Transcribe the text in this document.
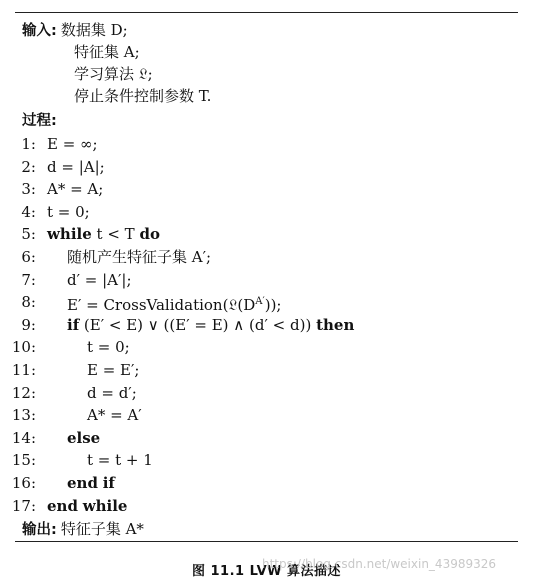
输入: 数据集 D;
特征集 A;
学习算法 𝔏;
停止条件控制参数 T.
过程:
1: E = ∞;
2: d = |A|;
3: A* = A;
4: t = 0;
5: while t < T do
6: 随机产生特征子集 A′;
7: d′ = |A′|;
8: $E' = CrossValidation(𝔏(D^{A'}))$;
9: if (E′ < E) ∨ ((E′ = E) ∧ (d′ < d)) then
10:	t = 0;
11:	E = E′;
12:	d = d′;
13:	A* = A′
14: else
15:	t = t + 1
16: end if
17: end while
输出: 特征子集 A*
图 11.1 LVW 算法描述
https://blog.csdn.net/weixin_43989326
